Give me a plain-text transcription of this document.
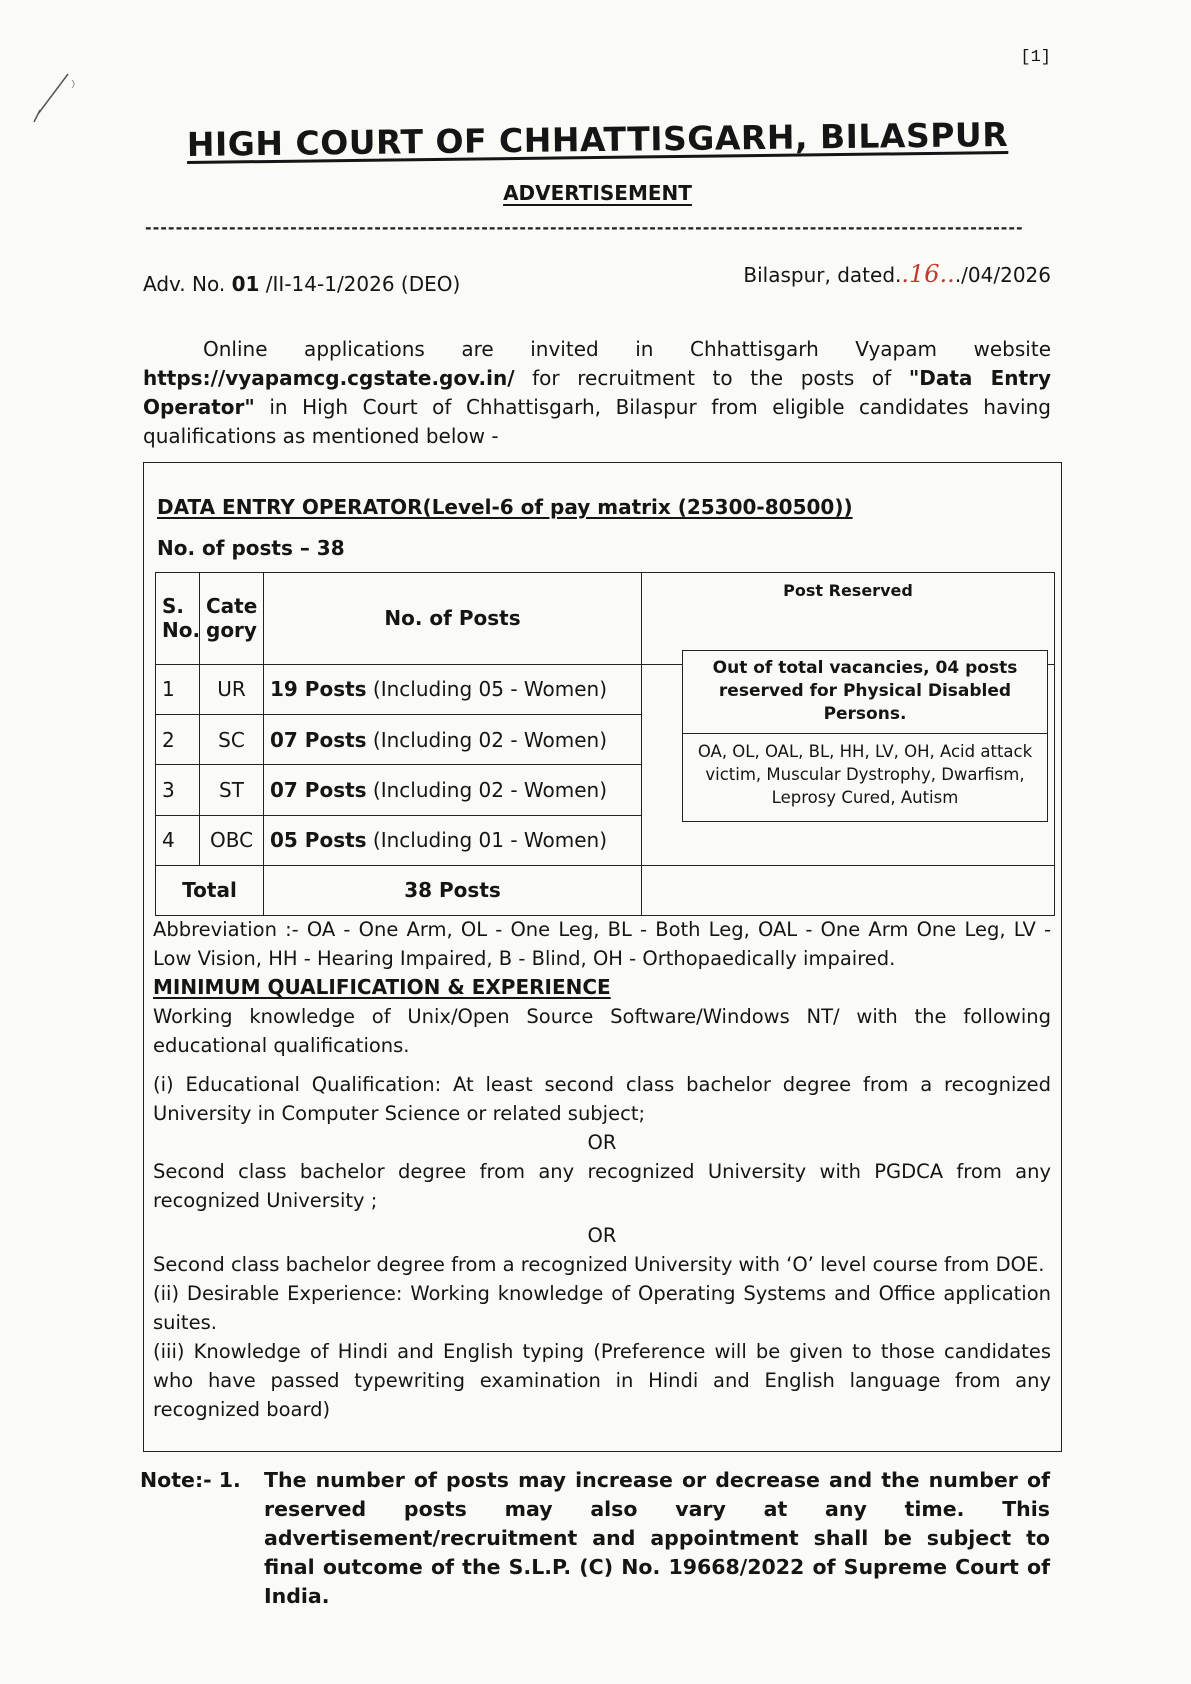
[1]
HIGH COURT OF CHHATTISGARH, BILASPUR
ADVERTISEMENT
-------------------------------------------------------------------------------------------------------------------
Adv. No. 01 /II-14-1/2026 (DEO)	Bilaspur, dated..16.../04/2026
Online applications are invited in Chhattisgarh Vyapam website https://vyapamcg.cgstate.gov.in/ for recruitment to the posts of "Data Entry Operator" in High Court of Chhattisgarh, Bilaspur from eligible candidates having qualifications as mentioned below -
DATA ENTRY OPERATOR(Level-6 of pay matrix (25300-80500))
No. of posts – 38
S. No.	Cate gory	No. of Posts	Post Reserved
1	UR	19 Posts (Including 05 - Women)	
2	SC	07 Posts (Including 02 - Women)	
3	ST	07 Posts (Including 02 - Women)	
4	OBC	05 Posts (Including 01 - Women)	
Total		38 Posts	
Out of total vacancies, 04 posts reserved for Physical Disabled Persons.
OA, OL, OAL, BL, HH, LV, OH, Acid attack victim, Muscular Dystrophy, Dwarfism, Leprosy Cured, Autism

Abbreviation :- OA - One Arm, OL - One Leg, BL - Both Leg, OAL - One Arm One Leg, LV - Low Vision, HH - Hearing Impaired, B - Blind, OH - Orthopaedically impaired.

MINIMUM QUALIFICATION & EXPERIENCE

Working knowledge of Unix/Open Source Software/Windows NT/ with the following educational qualifications.

(i) Educational Qualification: At least second class bachelor degree from a recognized University in Computer Science or related subject;

OR

Second class bachelor degree from any recognized University with PGDCA from any recognized University ;

OR

Second class bachelor degree from a recognized University with ‘O’ level course from DOE.

(ii) Desirable Experience: Working knowledge of Operating Systems and Office application suites.

(iii) Knowledge of Hindi and English typing (Preference will be given to those candidates who have passed typewriting examination in Hindi and English language from any recognized board)

Note:- 1. The number of posts may increase or decrease and the number of reserved posts may also vary at any time. This advertisement/recruitment and appointment shall be subject to final outcome of the S.L.P. (C) No. 19668/2022 of Supreme Court of India.
